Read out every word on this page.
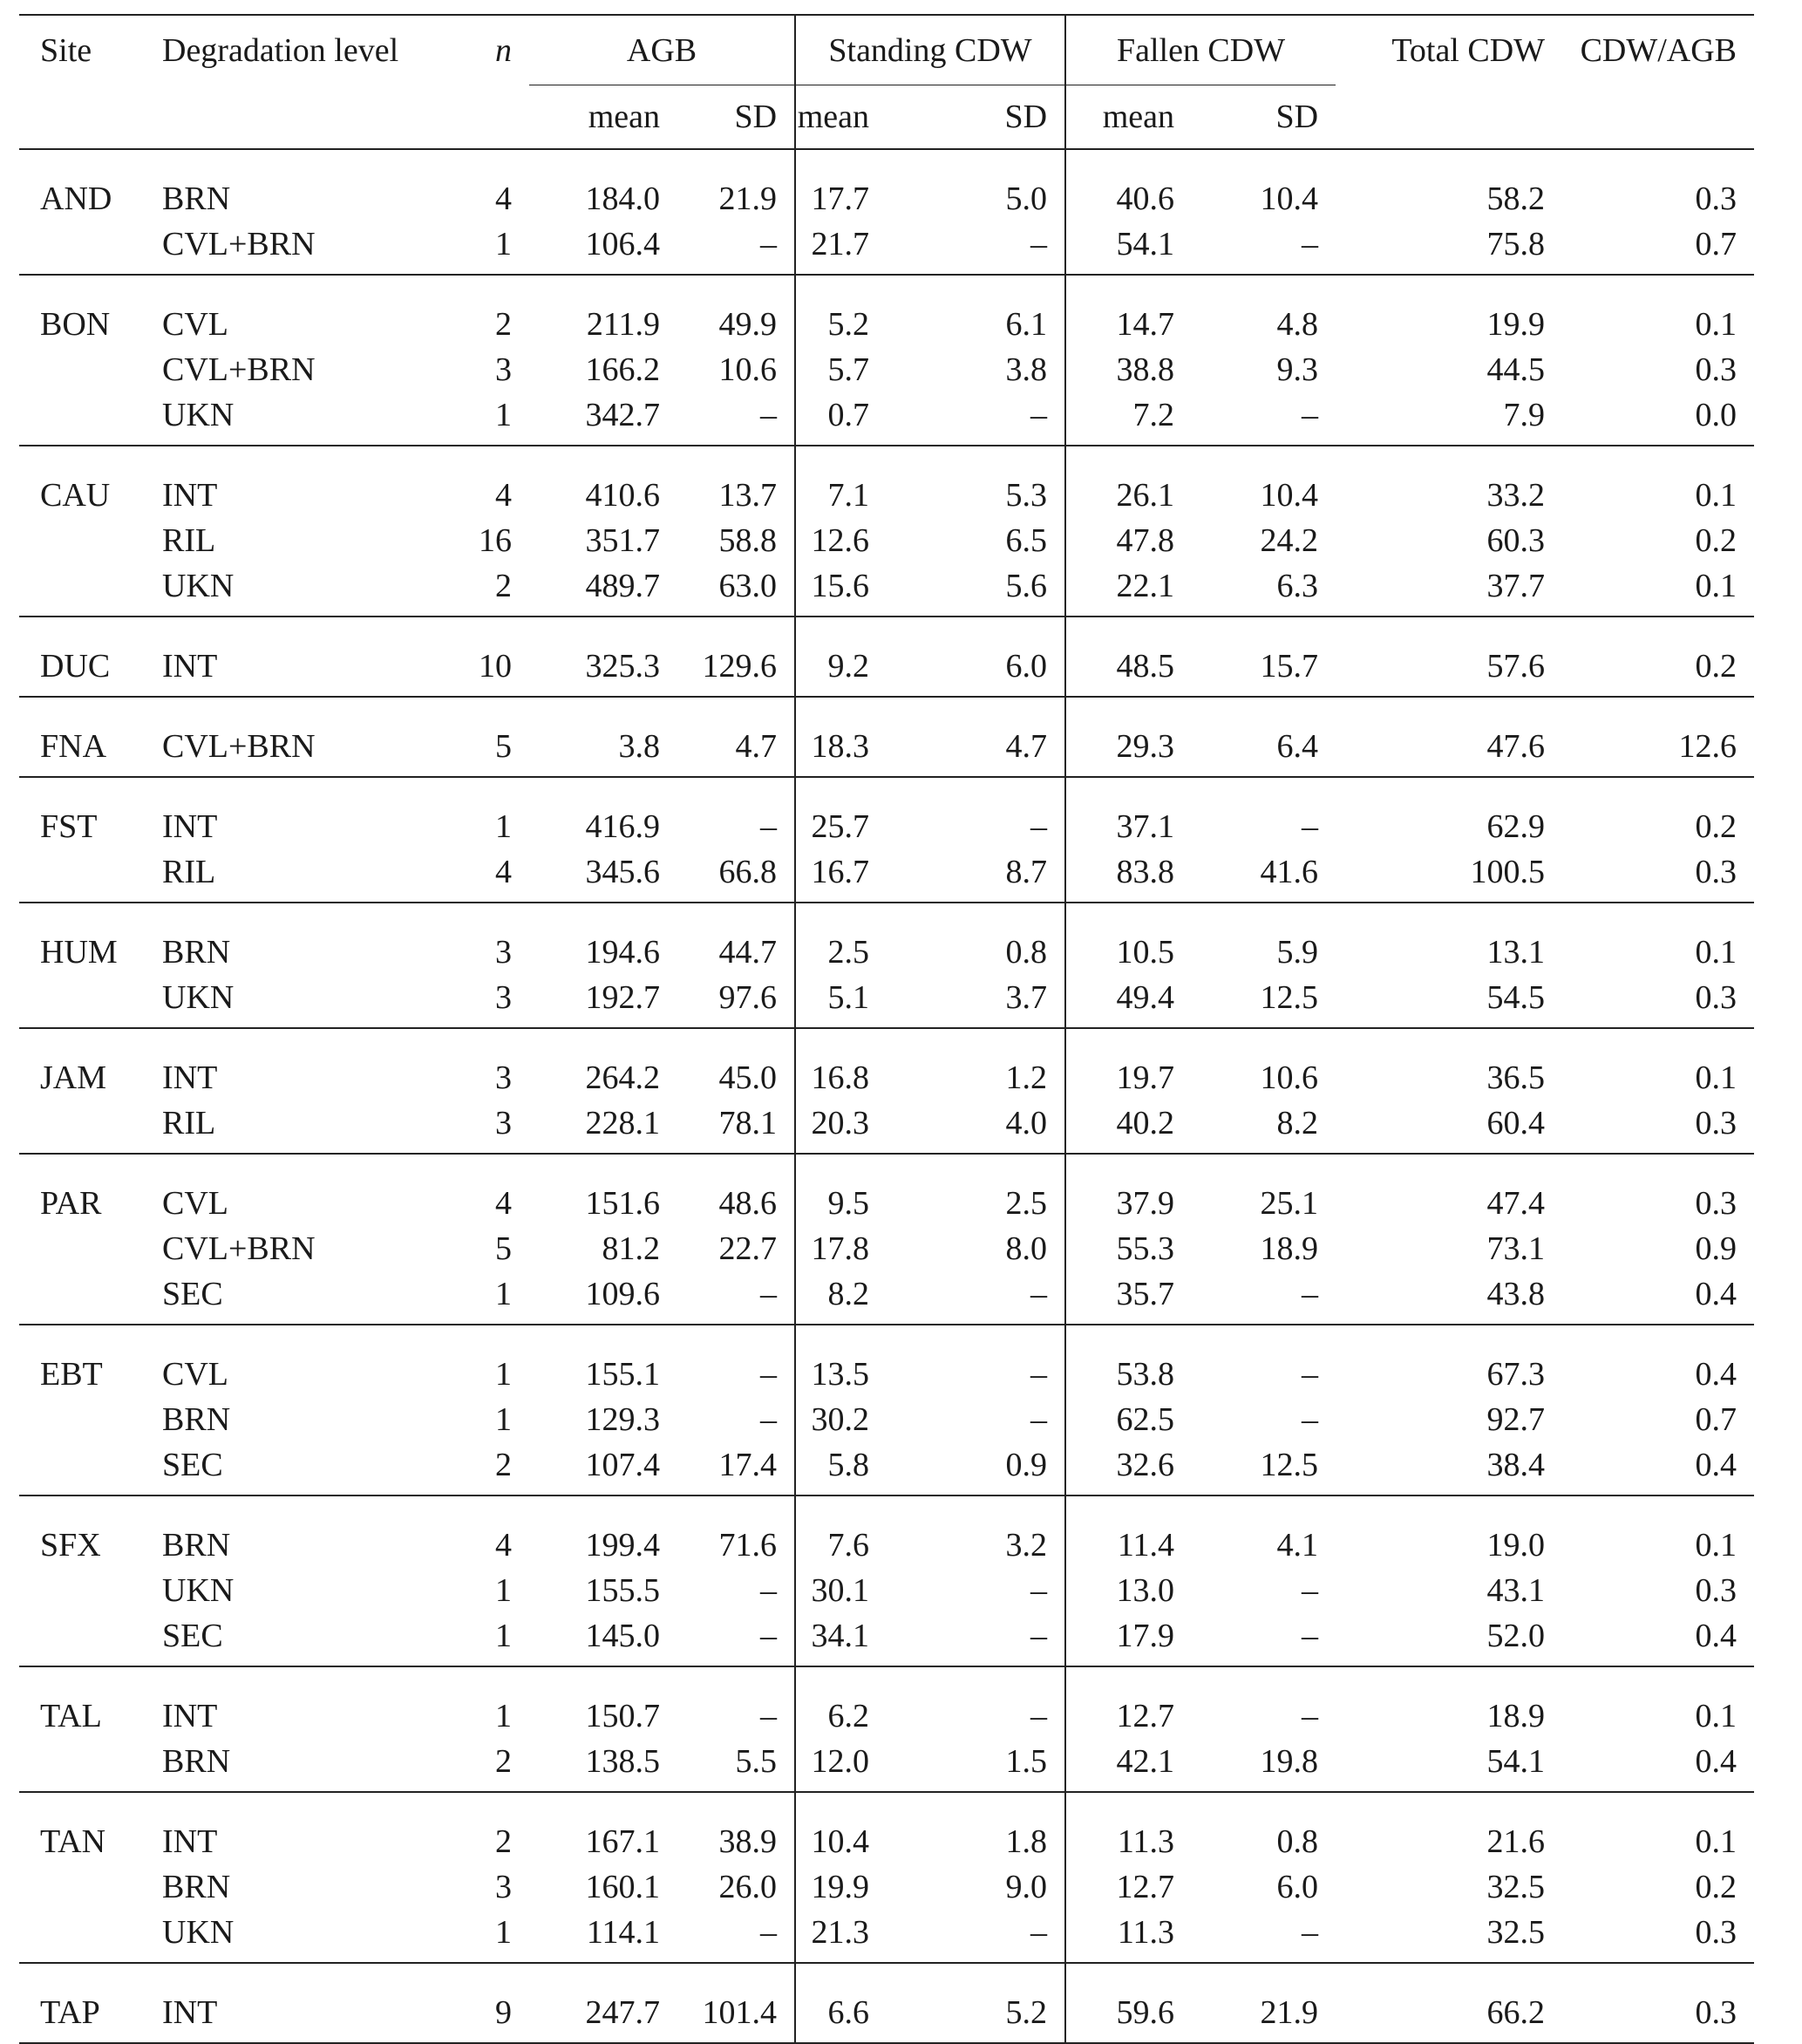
Site	Degradation level	n	AGB		Standing CDW		Fallen CDW		Total CDW	CDW/AGB
			mean	SD	mean	SD	mean	SD		
AND	BRN	4	184.0	21.9	17.7	5.0	40.6	10.4	58.2	0.3
	CVL+BRN	1	106.4	–	21.7	–	54.1	–	75.8	0.7
BON	CVL	2	211.9	49.9	5.2	6.1	14.7	4.8	19.9	0.1
	CVL+BRN	3	166.2	10.6	5.7	3.8	38.8	9.3	44.5	0.3
	UKN	1	342.7	–	0.7	–	7.2	–	7.9	0.0
CAU	INT	4	410.6	13.7	7.1	5.3	26.1	10.4	33.2	0.1
	RIL	16	351.7	58.8	12.6	6.5	47.8	24.2	60.3	0.2
	UKN	2	489.7	63.0	15.6	5.6	22.1	6.3	37.7	0.1
DUC	INT	10	325.3	129.6	9.2	6.0	48.5	15.7	57.6	0.2
FNA	CVL+BRN	5	3.8	4.7	18.3	4.7	29.3	6.4	47.6	12.6
FST	INT	1	416.9	–	25.7	–	37.1	–	62.9	0.2
	RIL	4	345.6	66.8	16.7	8.7	83.8	41.6	100.5	0.3
HUM	BRN	3	194.6	44.7	2.5	0.8	10.5	5.9	13.1	0.1
	UKN	3	192.7	97.6	5.1	3.7	49.4	12.5	54.5	0.3
JAM	INT	3	264.2	45.0	16.8	1.2	19.7	10.6	36.5	0.1
	RIL	3	228.1	78.1	20.3	4.0	40.2	8.2	60.4	0.3
PAR	CVL	4	151.6	48.6	9.5	2.5	37.9	25.1	47.4	0.3
	CVL+BRN	5	81.2	22.7	17.8	8.0	55.3	18.9	73.1	0.9
	SEC	1	109.6	–	8.2	–	35.7	–	43.8	0.4
EBT	CVL	1	155.1	–	13.5	–	53.8	–	67.3	0.4
	BRN	1	129.3	–	30.2	–	62.5	–	92.7	0.7
	SEC	2	107.4	17.4	5.8	0.9	32.6	12.5	38.4	0.4
SFX	BRN	4	199.4	71.6	7.6	3.2	11.4	4.1	19.0	0.1
	UKN	1	155.5	–	30.1	–	13.0	–	43.1	0.3
	SEC	1	145.0	–	34.1	–	17.9	–	52.0	0.4
TAL	INT	1	150.7	–	6.2	–	12.7	–	18.9	0.1
	BRN	2	138.5	5.5	12.0	1.5	42.1	19.8	54.1	0.4
TAN	INT	2	167.1	38.9	10.4	1.8	11.3	0.8	21.6	0.1
	BRN	3	160.1	26.0	19.9	9.0	12.7	6.0	32.5	0.2
	UKN	1	114.1	–	21.3	–	11.3	–	32.5	0.3
TAP	INT	9	247.7	101.4	6.6	5.2	59.6	21.9	66.2	0.3
